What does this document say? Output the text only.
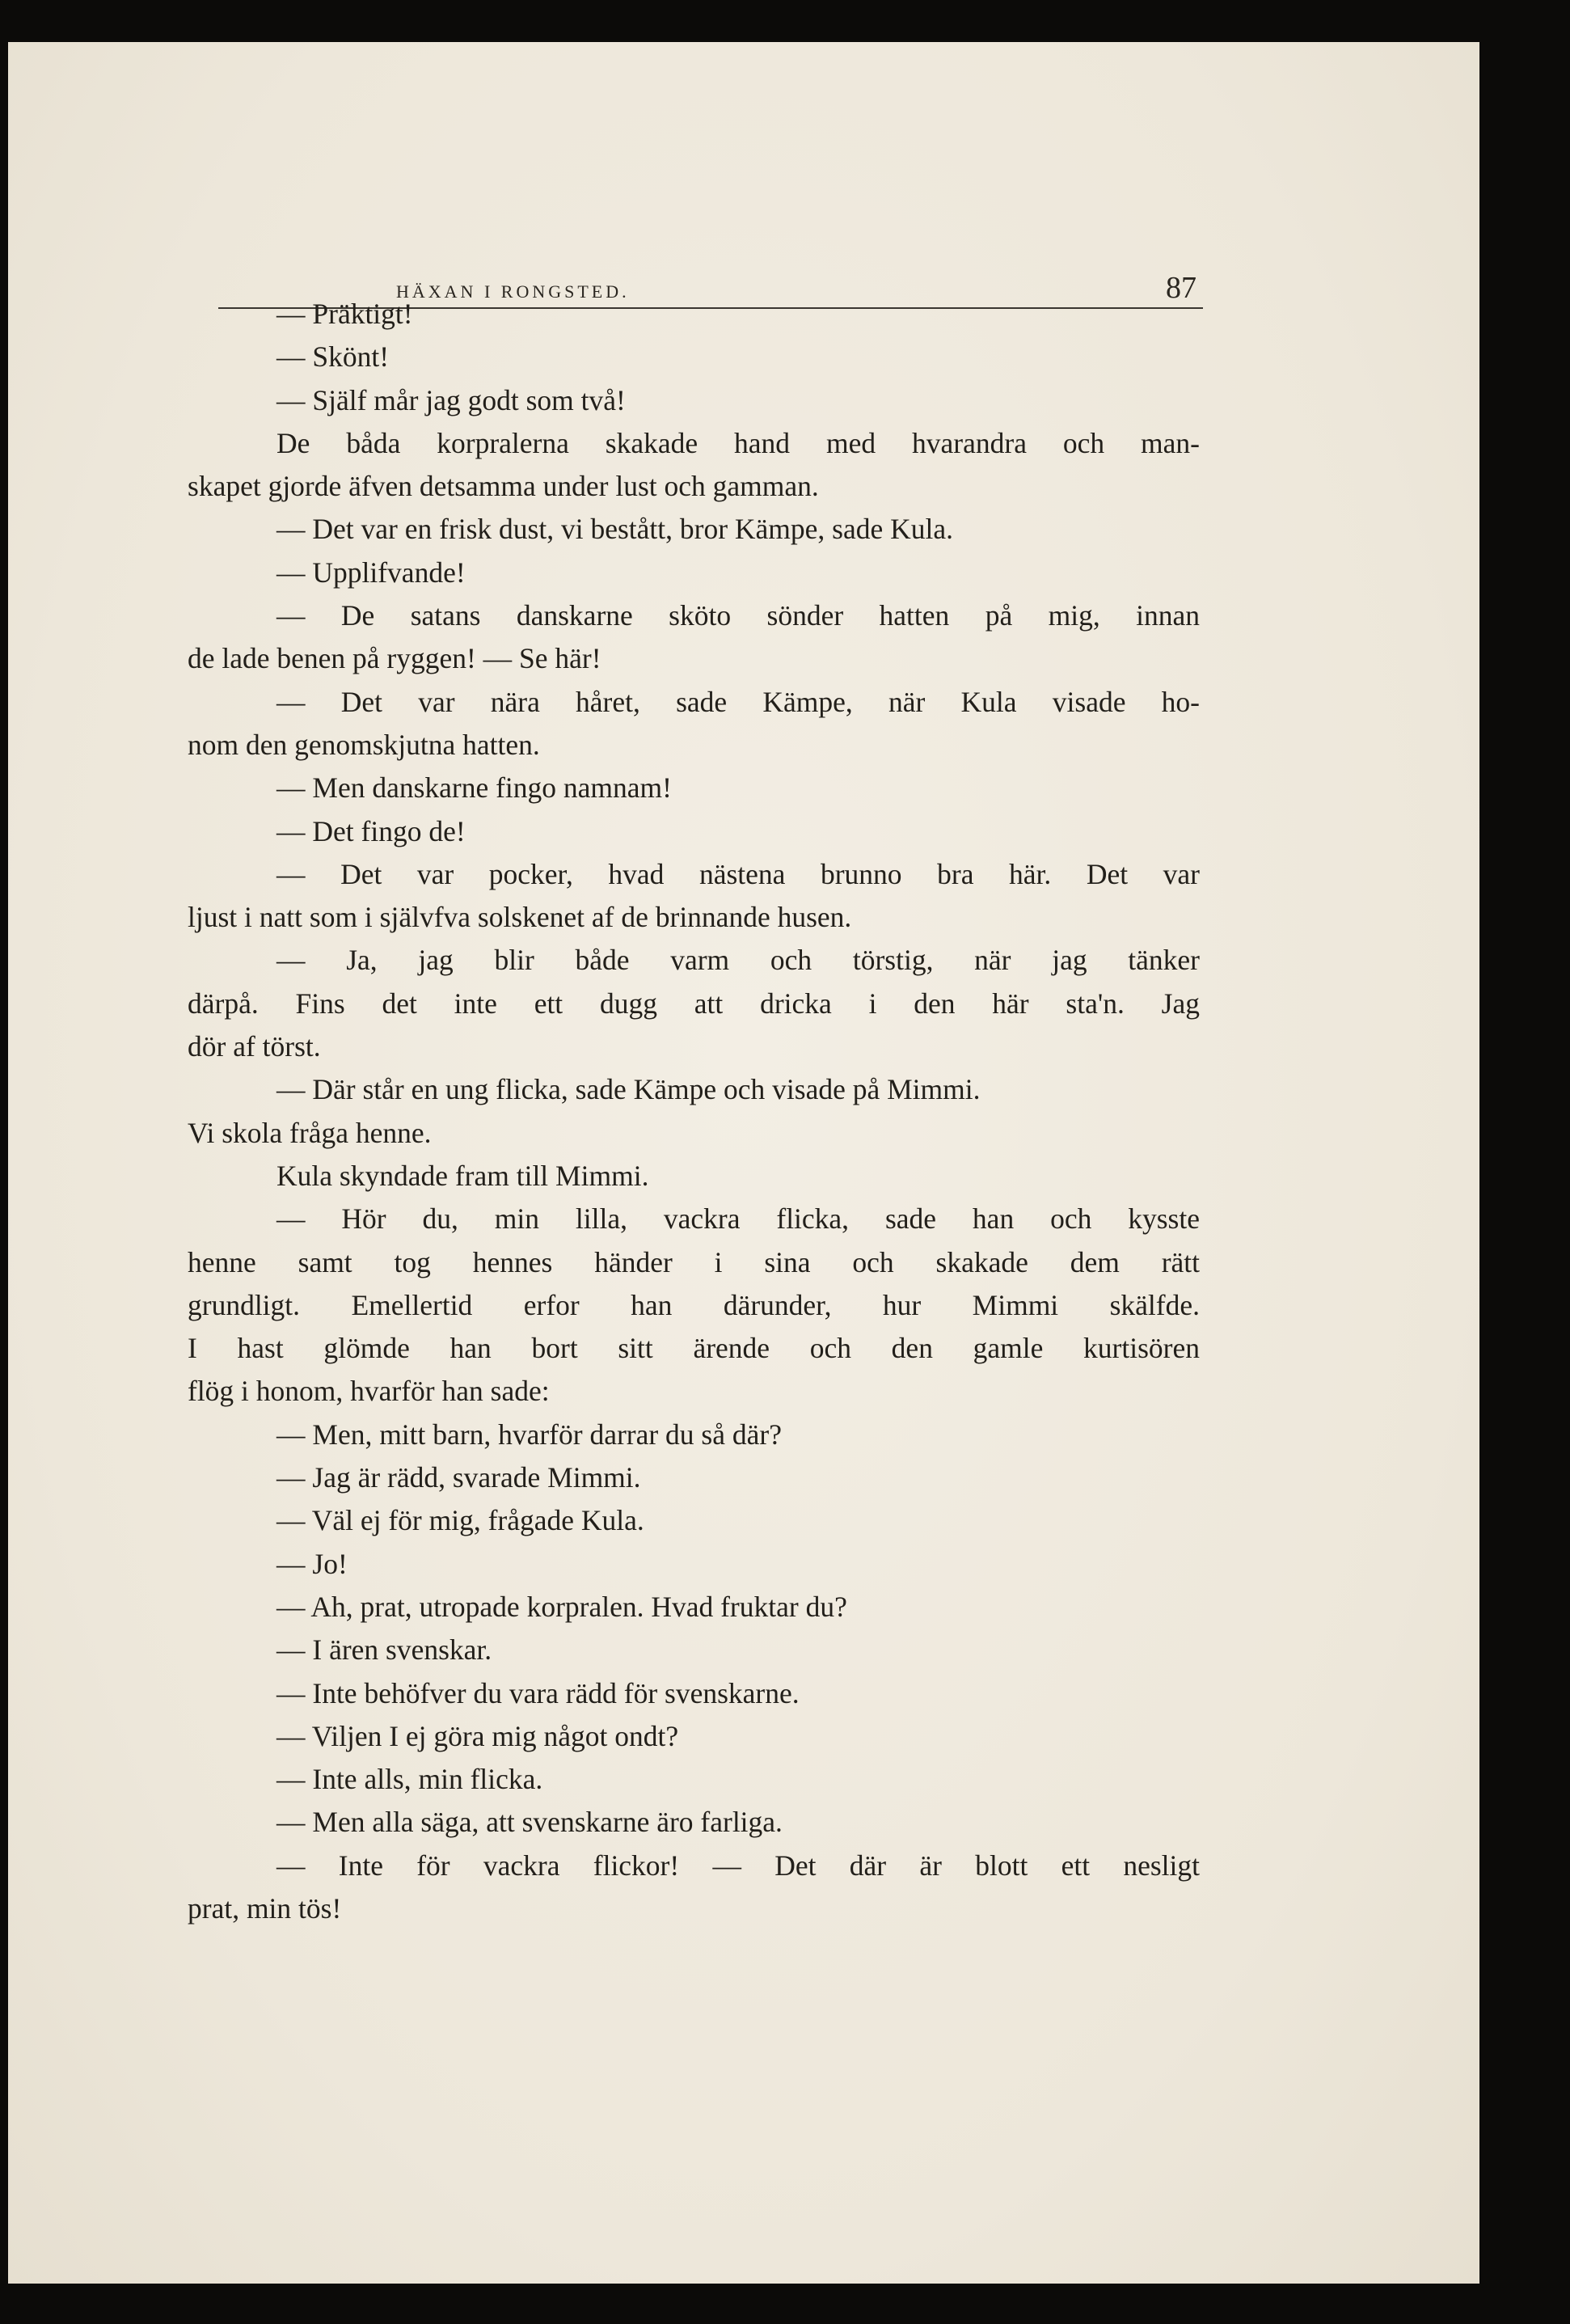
HÄXAN I RONGSTED.	87
— Präktigt!
— Skönt!
— Själf mår jag godt som två!
De båda korpralerna skakade hand med hvarandra och man-
skapet gjorde äfven detsamma under lust och gamman.
— Det var en frisk dust, vi bestått, bror Kämpe, sade Kula.
— Upplifvande!
— De satans danskarne sköto sönder hatten på mig, innan
de lade benen på ryggen! — Se här!
— Det var nära håret, sade Kämpe, när Kula visade ho-
nom den genomskjutna hatten.
— Men danskarne fingo namnam!
— Det fingo de!
— Det var pocker, hvad nästena brunno bra här. Det var
ljust i natt som i självfva solskenet af de brinnande husen.
— Ja, jag blir både varm och törstig, när jag tänker
därpå. Fins det inte ett dugg att dricka i den här sta'n. Jag
dör af törst.
— Där står en ung flicka, sade Kämpe och visade på Mimmi.
Vi skola fråga henne.
Kula skyndade fram till Mimmi.
— Hör du, min lilla, vackra flicka, sade han och kysste
henne samt tog hennes händer i sina och skakade dem rätt
grundligt. Emellertid erfor han därunder, hur Mimmi skälfde.
I hast glömde han bort sitt ärende och den gamle kurtisören
flög i honom, hvarför han sade:
— Men, mitt barn, hvarför darrar du så där?
— Jag är rädd, svarade Mimmi.
— Väl ej för mig, frågade Kula.
— Jo!
— Ah, prat, utropade korpralen. Hvad fruktar du?
— I ären svenskar.
— Inte behöfver du vara rädd för svenskarne.
— Viljen I ej göra mig något ondt?
— Inte alls, min flicka.
— Men alla säga, att svenskarne äro farliga.
— Inte för vackra flickor! — Det där är blott ett nesligt
prat, min tös!
